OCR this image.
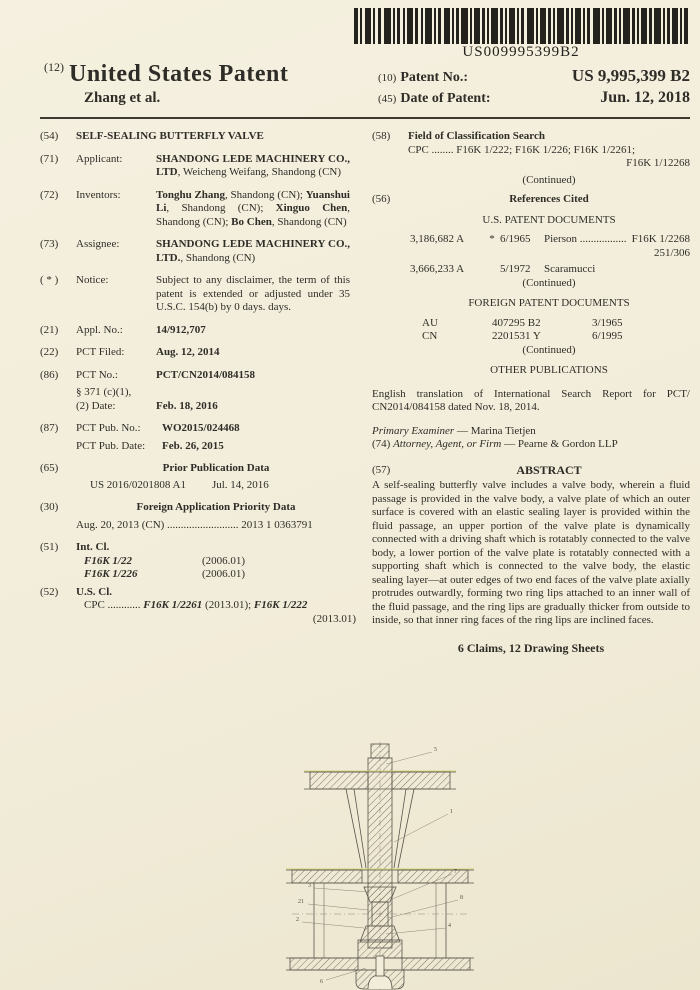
US009995399B2
$^{(12)}$ United States Patent
Zhang et al.
(10) Patent No.:	US 9,995,399 B2
(45) Date of Patent:	Jun. 12, 2018
(54)	SELF-SEALING BUTTERFLY VALVE
(71)	Applicant:	SHANDONG LEDE MACHINERY CO., LTD, Weicheng Weifang, Shandong (CN)
(72)	Inventors:	Tonghu Zhang, Shandong (CN); Yuanshui Li, Shandong (CN); Xinguo Chen, Shandong (CN); Bo Chen, Shandong (CN)
(73)	Assignee:	SHANDONG LEDE MACHINERY CO., LTD., Shandong (CN)
( * )	Notice:	Subject to any disclaimer, the term of this patent is extended or adjusted under 35 U.S.C. 154(b) by 0 days. days.
(21)	Appl. No.:	14/912,707
(22)	PCT Filed:	Aug. 12, 2014
(86)	PCT No.:	PCT/CN2014/084158
§ 371 (c)(1),
(2) Date:	Feb. 18, 2016
(87)	PCT Pub. No.: WO2015/024468
PCT Pub. Date: Feb. 26, 2015
(65)	Prior Publication Data
US 2016/0201808 A1 Jul. 14, 2016
(30)	Foreign Application Priority Data
Aug. 20, 2013 (CN) .......................... 2013 1 0363791
(51)	Int. Cl.
F16K 1/22	(2006.01)
F16K 1/226	(2006.01)
(52)	U.S. Cl.
CPC ............ F16K 1/2261 (2013.01); F16K 1/222
(2013.01)
(58)	Field of Classification Search
CPC ........ F16K 1/222; F16K 1/226; F16K 1/2261;
F16K 1/12268
(Continued)
(56)	References Cited
U.S. PATENT DOCUMENTS
3,186,682 A	* 6/1965	Pierson ................. F16K 1/2268
251/306
3,666,233 A	5/1972	Scaramucci
(Continued)
FOREIGN PATENT DOCUMENTS
AU	407295 B2	3/1965
CN	2201531 Y	6/1995
(Continued)
OTHER PUBLICATIONS
English translation of International Search Report for PCT/ CN2014/084158 dated Nov. 18, 2014.
Primary Examiner — Marina Tietjen
(74) Attorney, Agent, or Firm — Pearne & Gordon LLP
(57)	ABSTRACT
A self-sealing butterfly valve includes a valve body, wherein a fluid passage is provided in the valve body, a valve plate of which an outer surface is covered with an elastic sealing layer is provided within the fluid passage, an upper portion of the valve plate is dynamically connected with a driving shaft which is rotatably connected to the valve body, a lower portion of the valve plate is rotatably connected with a supporting shaft which is connected to the valve body, the elastic sealing layer—at outer edges of two end faces of the valve plate axially protrudes outwardly, forming two ring lips attached to an inner wall of the fluid passage, and the ring lips are gradually thicker from outside to inside, so that inner ring faces of the ring lips are inclined faces.
6 Claims, 12 Drawing Sheets
5
1
7
8
4
3
21
2
6
